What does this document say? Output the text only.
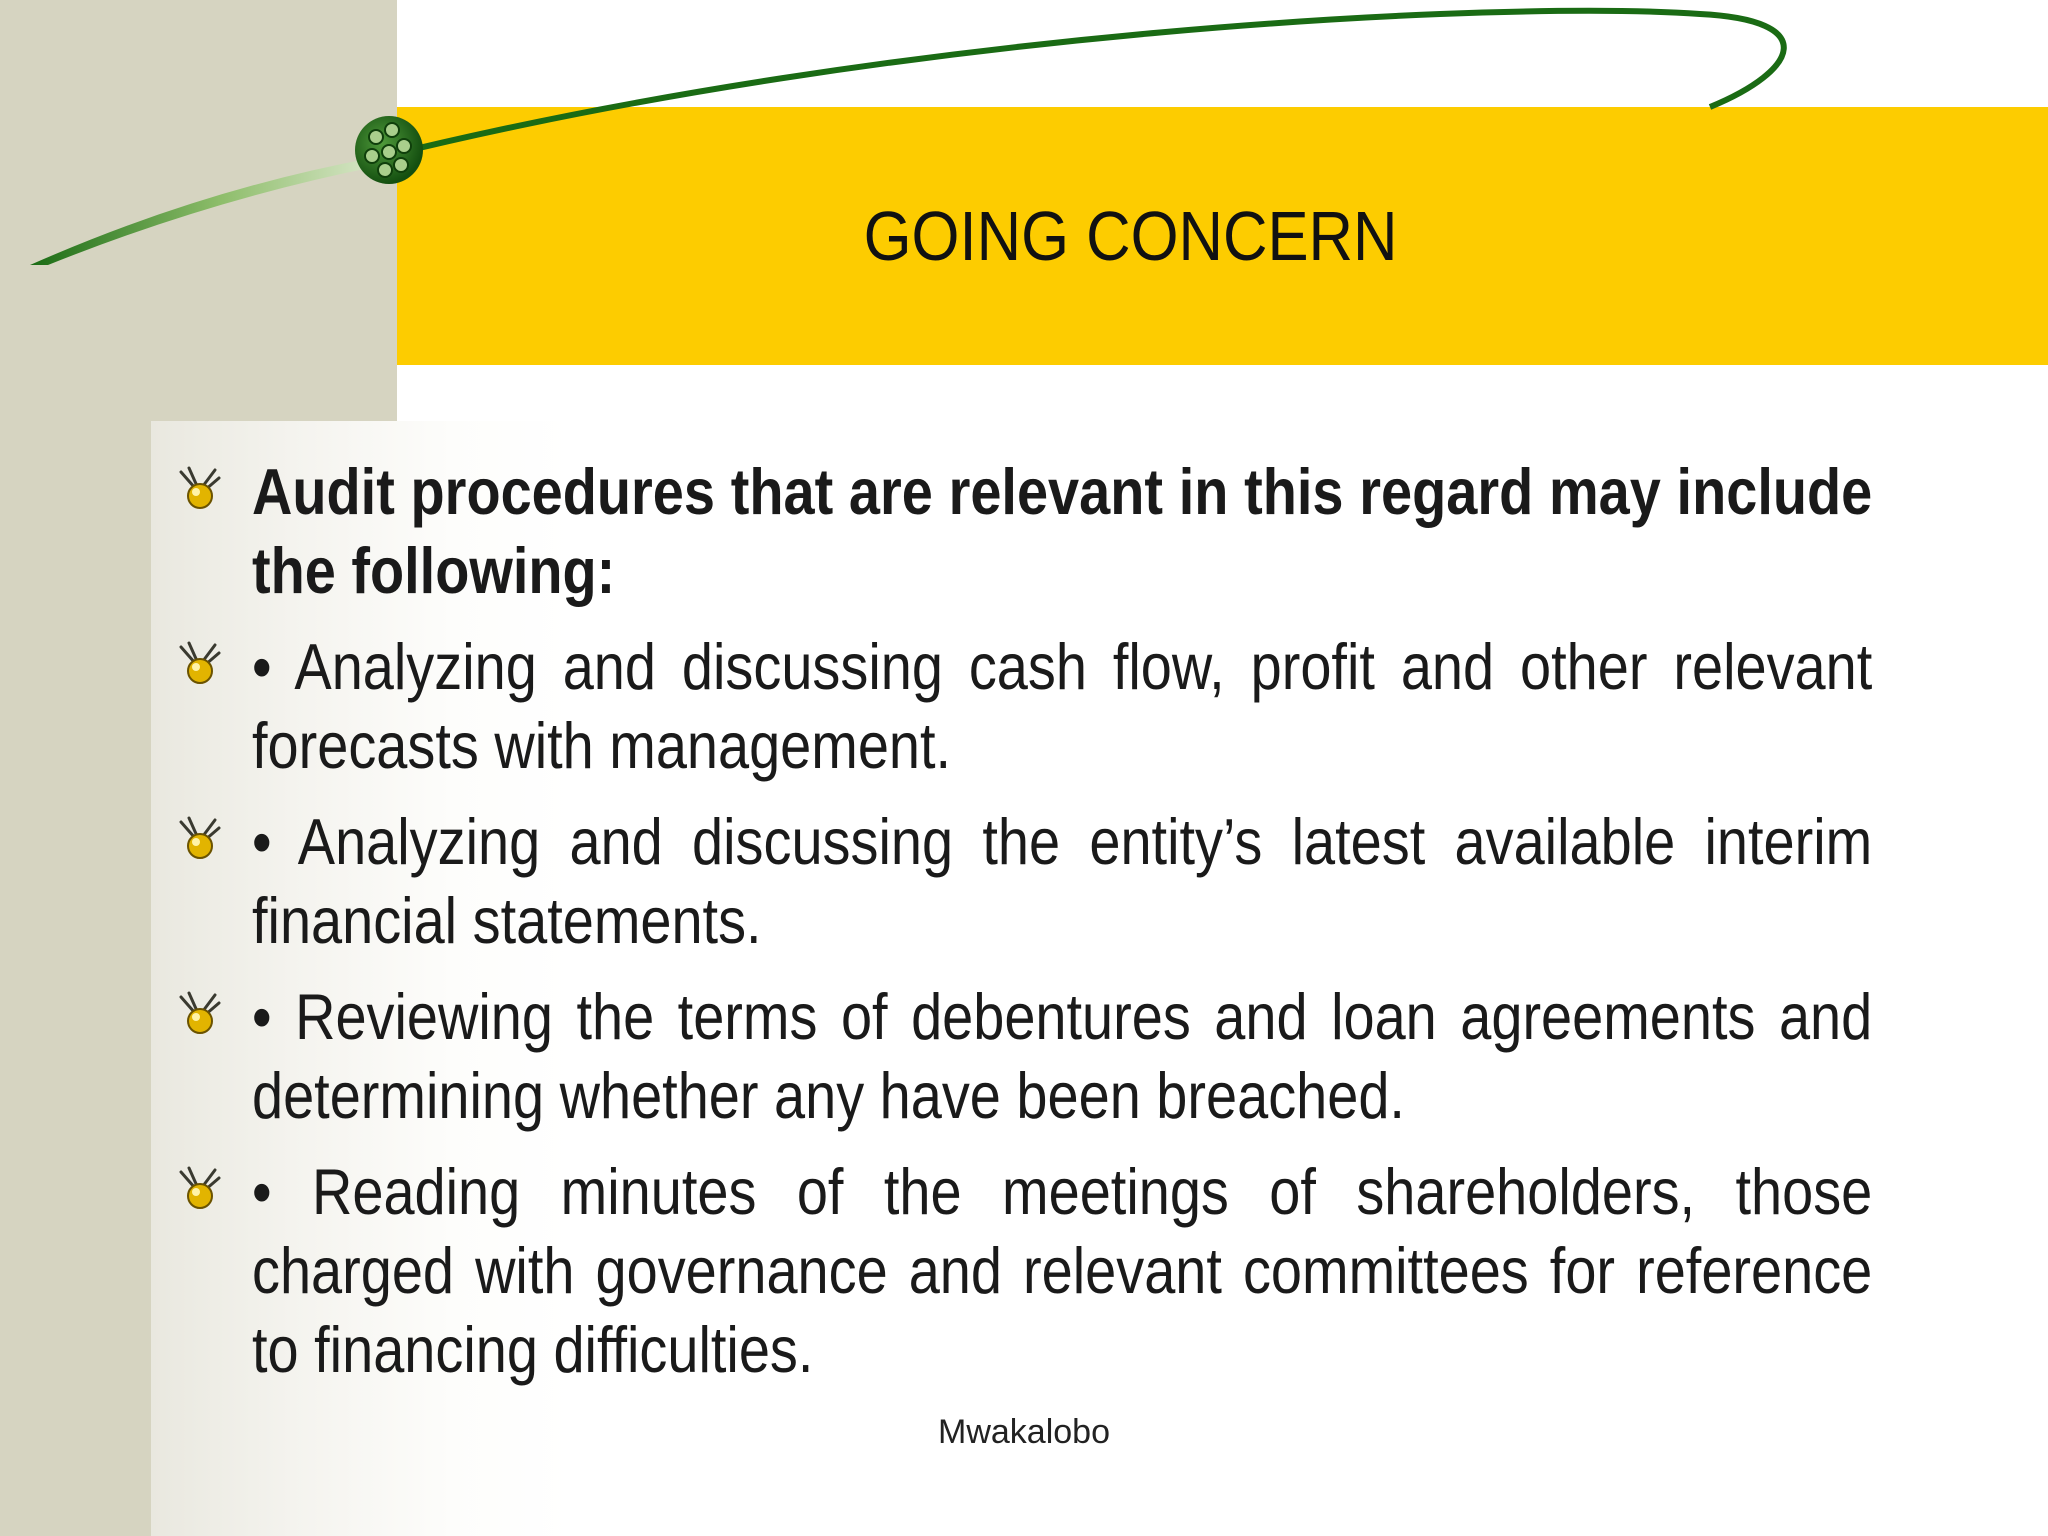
GOING CONCERN
Audit procedures that are relevant in this regard may include the following:
• Analyzing and discussing cash flow, profit and other relevant forecasts with management.
• Analyzing and discussing the entity’s latest available interim financial statements.
• Reviewing the terms of debentures and loan agreements and determining whether any have been breached.
• Reading minutes of the meetings of shareholders, those charged with governance and relevant committees for reference to financing difficulties.
Mwakalobo
